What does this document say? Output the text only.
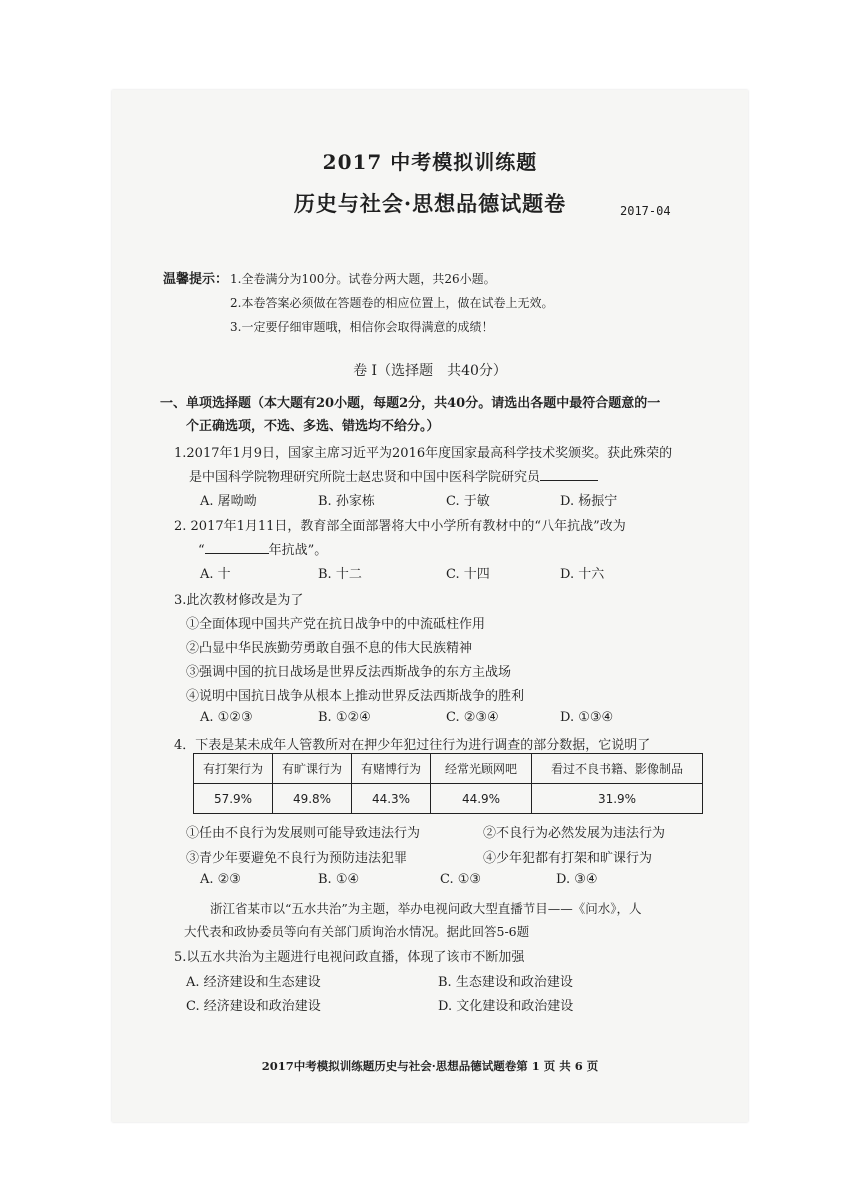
2017 中考模拟训练题
历史与社会·思想品德试题卷	2017-04
温馨提示： 1.全卷满分为100分。试卷分两大题，共26小题。
2.本卷答案必须做在答题卷的相应位置上，做在试卷上无效。
3.一定要仔细审题哦，相信你会取得满意的成绩！
卷 Ⅰ（选择题　共40分）
一、单项选择题（本大题有20小题，每题2分，共40分。请选出各题中最符合题意的一
个正确选项，不选、多选、错选均不给分。）
1.2017年1月9日，国家主席习近平为2016年度国家最高科学技术奖颁奖。获此殊荣的
是中国科学院物理研究所院士赵忠贤和中国中医科学院研究员
A. 屠呦呦	B. 孙家栋	C. 于敏	D. 杨振宁
2. 2017年1月11日，教育部全面部署将大中小学所有教材中的“八年抗战”改为
“	年抗战”。
A. 十	B. 十二	C. 十四	D. 十六
3.此次教材修改是为了
①全面体现中国共产党在抗日战争中的中流砥柱作用
②凸显中华民族勤劳勇敢自强不息的伟大民族精神
③强调中国的抗日战场是世界反法西斯战争的东方主战场
④说明中国抗日战争从根本上推动世界反法西斯战争的胜利
A. ①②③	B. ①②④	C. ②③④	D. ①③④
4．下表是某未成年人管教所对在押少年犯过往行为进行调查的部分数据，它说明了
有打架行为	有旷课行为	有赌博行为	经常光顾网吧	看过不良书籍、影像制品
57.9%	49.8%	44.3%	44.9%	31.9%
①任由不良行为发展则可能导致违法行为	②不良行为必然发展为违法行为
③青少年要避免不良行为预防违法犯罪	④少年犯都有打架和旷课行为
A. ②③	B. ①④	C. ①③	D. ③④
浙江省某市以“五水共治”为主题，举办电视问政大型直播节目——《问水》，人
大代表和政协委员等向有关部门质询治水情况。据此回答5-6题
5.以五水共治为主题进行电视问政直播，体现了该市不断加强
A. 经济建设和生态建设	B. 生态建设和政治建设
C. 经济建设和政治建设	D. 文化建设和政治建设
2017中考模拟训练题历史与社会·思想品德试题卷第 1 页 共 6 页
